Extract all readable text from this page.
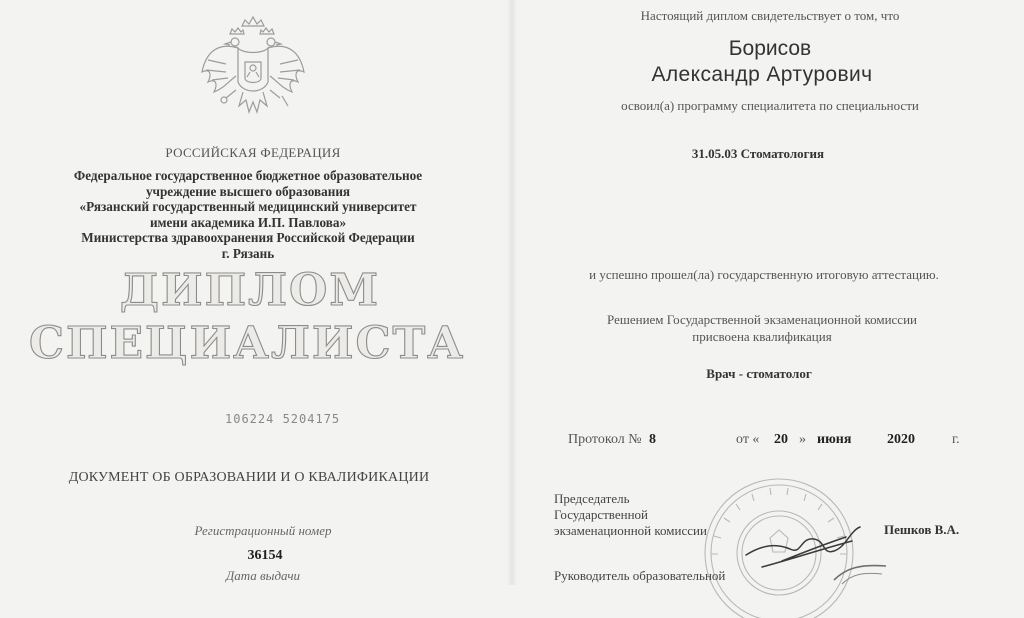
РОССИЙСКАЯ ФЕДЕРАЦИЯ
Федеральное государственное бюджетное образовательное
учреждение высшего образования
«Рязанский государственный медицинский университет
имени академика И.П. Павлова»
Министерства здравоохранения Российской Федерации
г. Рязань
ДИПЛОМ
СПЕЦИАЛИСТА
106224 5204175
ДОКУМЕНТ ОБ ОБРАЗОВАНИИ И О КВАЛИФИКАЦИИ
Регистрационный номер
36154
Дата выдачи
Настоящий диплом свидетельствует о том, что
Борисов
Александр Артурович
освоил(а) программу специалитета по специальности
31.05.03 Стоматология
и успешно прошел(ла) государственную итоговую аттестацию.
Решением Государственной экзаменационной комиссии
присвоена квалификация
Врач - стоматолог
Протокол № 8	от « 20 » июня	2020	г.
Председатель
Государственной
экзаменационной комиссии	Пешков В.А.
Руководитель образовательной
